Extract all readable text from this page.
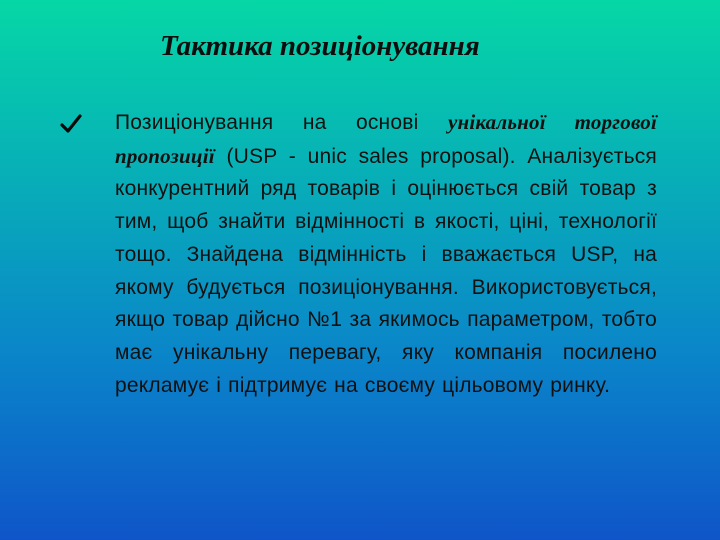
Тактика позиціонування
Позиціонування на основі унікальної торгової пропозиції (USP - unic sales proposal). Аналізується конкурентний ряд товарів і оцінюється свій товар з тим, щоб знайти відмінності в якості, ціні, технології тощо. Знайдена відмінність і вважається USP, на якому будується позиціонування. Використовується, якщо товар дійсно №1 за якимось параметром, тобто має унікальну перевагу, яку компанія посилено рекламує і підтримує на своєму цільовому ринку.
